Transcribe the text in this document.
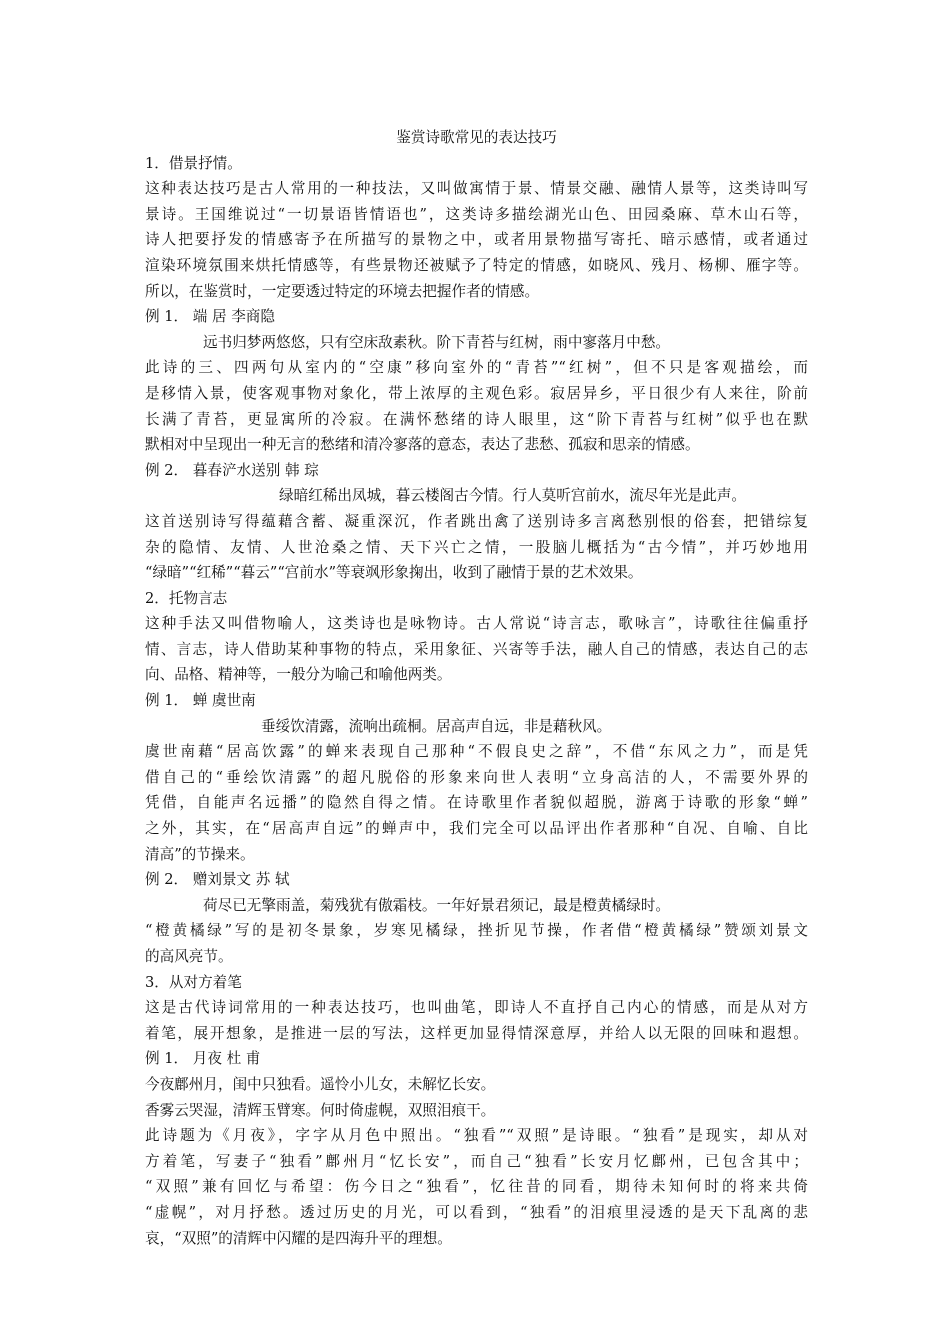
鉴赏诗歌常见的表达技巧
1．借景抒情。
这种表达技巧是古人常用的一种技法，又叫做寓情于景、情景交融、融情人景等，这类诗叫写
景诗。王国维说过“一切景语皆情语也”，这类诗多描绘湖光山色、田园桑麻、草木山石等，
诗人把要抒发的情感寄予在所描写的景物之中，或者用景物描写寄托、暗示感情，或者通过
渲染环境氛围来烘托情感等，有些景物还被赋予了特定的情感，如晓风、残月、杨柳、雁字等。
所以，在鉴赏时，一定要透过特定的环境去把握作者的情感。
例 1． 端 居 李商隐
远书归梦两悠悠，只有空床敌素秋。阶下青苔与红树，雨中寥落月中愁。
此诗的三、四两句从室内的“空康”移向室外的“青苔”“红树”，但不只是客观描绘，而
是移情入景，使客观事物对象化，带上浓厚的主观色彩。寂居异乡，平日很少有人来往，阶前
长满了青苔，更显寓所的冷寂。在满怀愁绪的诗人眼里，这“阶下青苔与红树”似乎也在默
默相对中呈现出一种无言的愁绪和清冷寥落的意态，表达了悲愁、孤寂和思亲的情感。
例 2． 暮春浐水送别 韩 琮
绿暗红稀出凤城，暮云楼阁古今情。行人莫听宫前水，流尽年光是此声。
这首送别诗写得蕴藉含蓄、凝重深沉，作者跳出禽了送别诗多言离愁别恨的俗套，把错综复
杂的隐情、友情、人世沧桑之情、天下兴亡之情，一股脑儿概括为“古今情”，并巧妙地用
“绿暗”“红稀”“暮云”“宫前水”等衰飒形象掬出，收到了融情于景的艺术效果。
2．托物言志
这种手法又叫借物喻人，这类诗也是咏物诗。古人常说“诗言志，歌咏言”，诗歌往往偏重抒
情、言志，诗人借助某种事物的特点，采用象征、兴寄等手法，融人自己的情感，表达自己的志
向、品格、精神等，一般分为喻己和喻他两类。
例 1． 蝉 虞世南
垂绥饮清露，流响出疏桐。居高声自远，非是藉秋风。
虞世南藉“居高饮露”的蝉来表现自己那种“不假良史之辞”，不借“东风之力”，而是凭
借自己的“垂绘饮清露”的超凡脱俗的形象来向世人表明“立身高洁的人，不需要外界的
凭借，自能声名远播”的隐然自得之情。在诗歌里作者貌似超脱，游离于诗歌的形象“蝉”
之外，其实，在“居高声自远”的蝉声中，我们完全可以品评出作者那种“自况、自喻、自比
清高”的节操来。
例 2． 赠刘景文 苏 轼
荷尽已无擎雨盖，菊残犹有傲霜枝。一年好景君须记，最是橙黄橘绿时。
“橙黄橘绿”写的是初冬景象，岁寒见橘绿，挫折见节操，作者借“橙黄橘绿”赞颂刘景文
的高风亮节。
3．从对方着笔
这是古代诗词常用的一种表达技巧，也叫曲笔，即诗人不直抒自己内心的情感，而是从对方
着笔，展开想象，是推进一层的写法，这样更加显得情深意厚，并给人以无限的回味和遐想。
例 1． 月夜 杜 甫
今夜鄜州月，闺中只独看。遥怜小儿女，未解忆长安。
香雾云哭湿，清辉玉臂寒。何时倚虚幌，双照泪痕干。
此诗题为《月夜》，字字从月色中照出。“独看”“双照”是诗眼。“独看”是现实，却从对
方着笔，写妻子“独看”鄜州月“忆长安”，而自己“独看”长安月忆鄜州，已包含其中；
“双照”兼有回忆与希望：伤今日之“独看”，忆往昔的同看，期待未知何时的将来共倚
“虚幌”，对月抒愁。透过历史的月光，可以看到，“独看”的泪痕里浸透的是天下乱离的悲
哀，“双照”的清辉中闪耀的是四海升平的理想。
